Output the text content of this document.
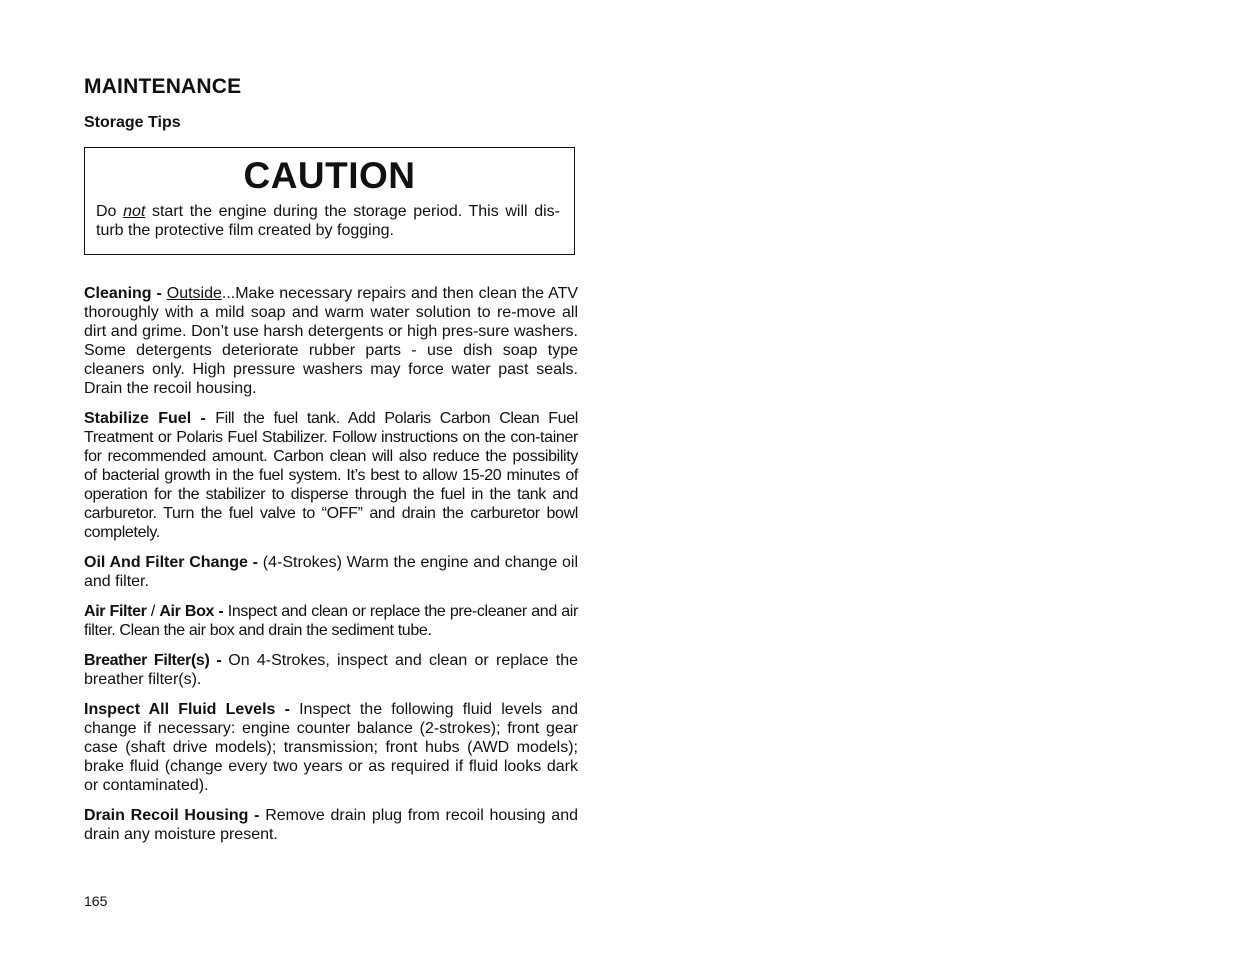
MAINTENANCE
Storage Tips
CAUTION
Do not start the engine during the storage period. This will dis-turb the protective film created by fogging.

Cleaning - Outside...Make necessary repairs and then clean the ATV thoroughly with a mild soap and warm water solution to re-move all dirt and grime. Don’t use harsh detergents or high pres-sure washers. Some detergents deteriorate rubber parts - use dish soap type cleaners only. High pressure washers may force water past seals. Drain the recoil housing.

Stabilize Fuel - Fill the fuel tank. Add Polaris Carbon Clean Fuel Treatment or Polaris Fuel Stabilizer. Follow instructions on the con-tainer for recommended amount. Carbon clean will also reduce the possibility of bacterial growth in the fuel system. It’s best to allow 15-20 minutes of operation for the stabilizer to disperse through the fuel in the tank and carburetor. Turn the fuel valve to “OFF” and drain the carburetor bowl completely.

Oil And Filter Change - (4-Strokes) Warm the engine and change oil and filter.

Air Filter / Air Box - Inspect and clean or replace the pre-cleaner and air filter. Clean the air box and drain the sediment tube.

Breather Filter(s) - On 4-Strokes, inspect and clean or replace the breather filter(s).

Inspect All Fluid Levels - Inspect the following fluid levels and change if necessary: engine counter balance (2-strokes); front gear case (shaft drive models); transmission; front hubs (AWD models); brake fluid (change every two years or as required if fluid looks dark or contaminated).

Drain Recoil Housing - Remove drain plug from recoil housing and drain any moisture present.

165
